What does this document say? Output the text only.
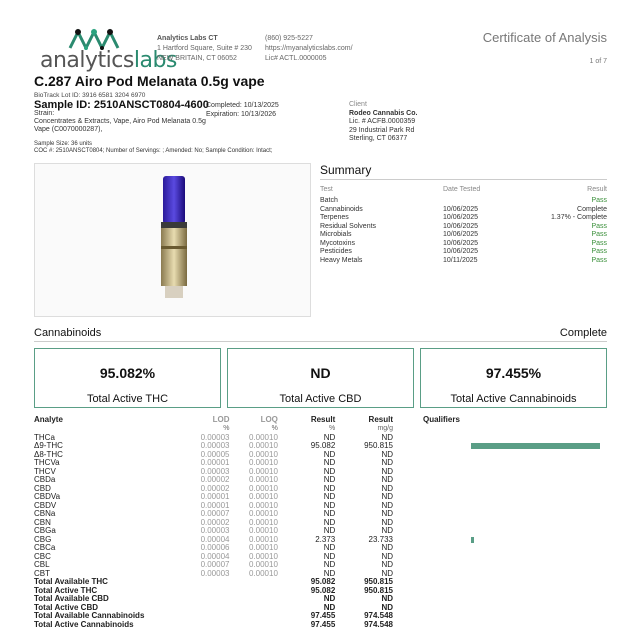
analyticslabs
Analytics Labs CT
1 Hartford Square, Suite # 230
NEW BRITAIN, CT 06052
(860) 925-5227
https://myanalyticslabs.com/
Lic# ACTL.0000005
Certificate of Analysis
1 of 7
C.287 Airo Pod Melanata 0.5g vape
BioTrack Lot ID: 3916 6581 3204 6970
Sample ID: 2510ANSCT0804-4600
Completed: 10/13/2025
Expiration: 10/13/2026
Strain:
Concentrates & Extracts, Vape, Airo Pod Melanata 0.5g Vape (C0070000287),
Client
Rodeo Cannabis Co.
Lic. # ACFB.0000359
29 Industrial Park Rd
Sterling, CT 06377
Sample Size: 36 units
COC #: 2510ANSCT0804; Number of Servings: ; Amended: No; Sample Condition: Intact;
Summary
Test	Date Tested	Result
Batch	Pass
Cannabinoids	10/06/2025	Complete
Terpenes	10/06/2025	1.37% - Complete
Residual Solvents	10/06/2025	Pass
Microbials	10/06/2025	Pass
Mycotoxins	10/06/2025	Pass
Pesticides	10/06/2025	Pass
Heavy Metals	10/11/2025	Pass
Cannabinoids	Complete
95.082%
Total Active THC
ND
Total Active CBD
97.455%
Total Active Cannabinoids
Analyte	LOD	LOQ	Result	Result	Qualifiers
	%	%	%	mg/g	
THCa	0.00003	0.00010	ND	ND	
Δ9-THC	0.00003	0.00010	95.082	950.815	

Δ8-THC	0.00005	0.00010	ND	ND	
THCVa	0.00001	0.00010	ND	ND	
THCV	0.00003	0.00010	ND	ND	
CBDa	0.00002	0.00010	ND	ND	
CBD	0.00002	0.00010	ND	ND	
CBDVa	0.00001	0.00010	ND	ND	
CBDV	0.00001	0.00010	ND	ND	
CBNa	0.00007	0.00010	ND	ND	
CBN	0.00002	0.00010	ND	ND	
CBGa	0.00003	0.00010	ND	ND	
CBG	0.00004	0.00010	2.373	23.733	

CBCa	0.00006	0.00010	ND	ND	
CBC	0.00004	0.00010	ND	ND	
CBL	0.00007	0.00010	ND	ND	
CBT	0.00003	0.00010	ND	ND	
Total Available THC			95.082	950.815	
Total Active THC			95.082	950.815	
Total Available CBD			ND	ND	
Total Active CBD			ND	ND	
Total Available Cannabinoids			97.455	974.548	
Total Active Cannabinoids			97.455	974.548	
